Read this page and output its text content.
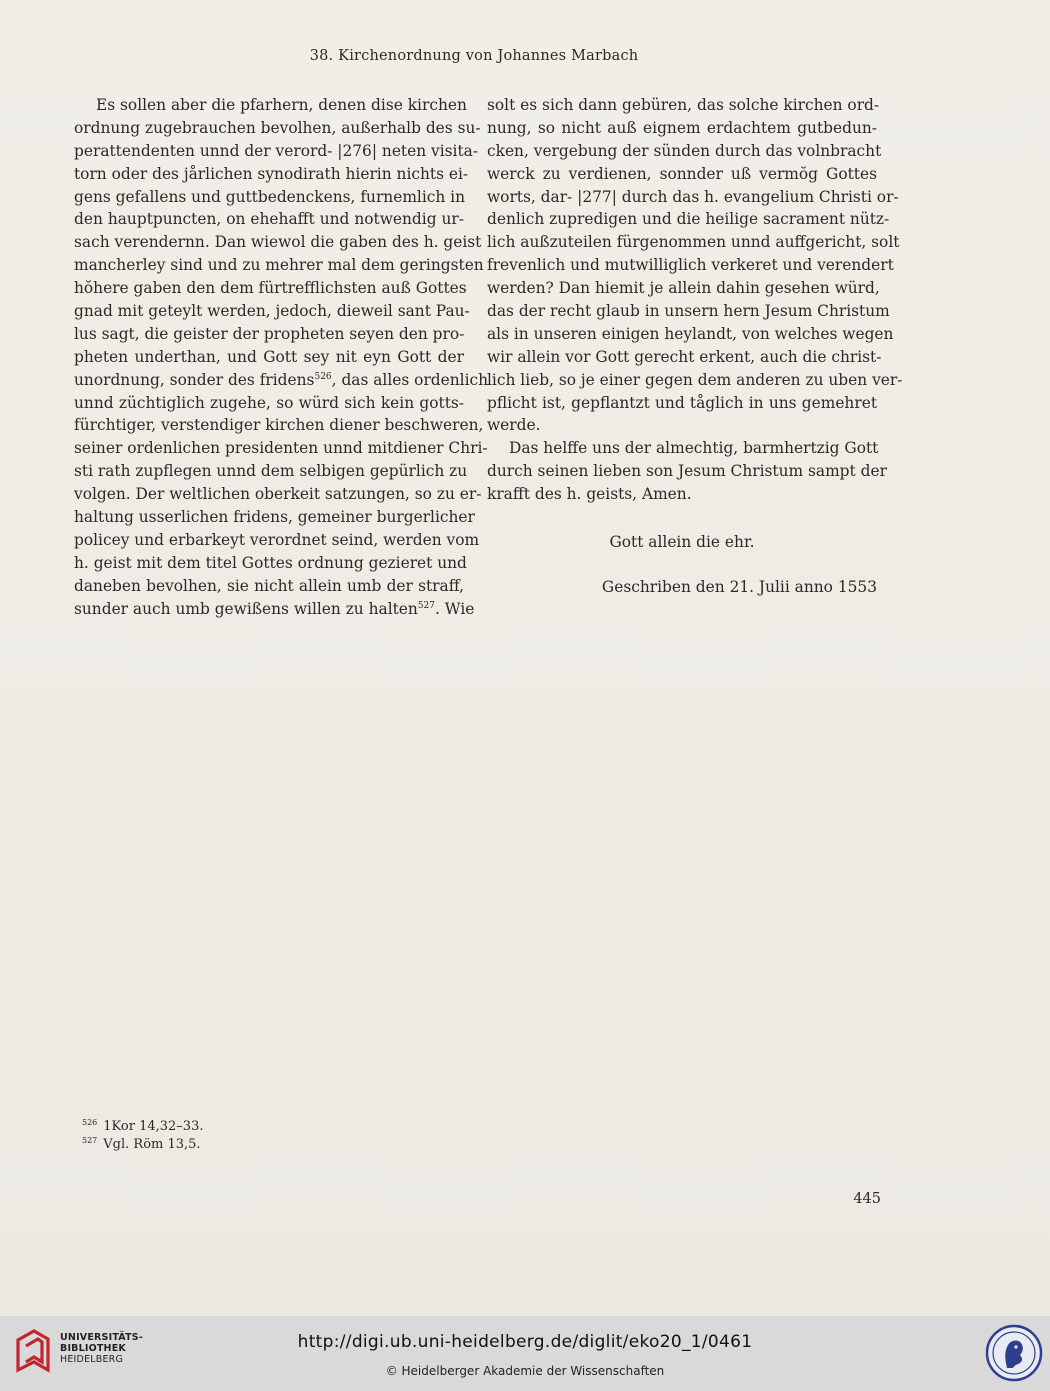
38. Kirchenordnung von Johannes Marbach
Es sollen aber die pfarhern, denen dise kirchen
ordnung zugebrauchen bevolhen, außerhalb des su-
perattendenten unnd der verord- |276| neten visita-
torn oder des jårlichen synodirath hierin nichts ei-
gens gefallens und guttbedenckens, furnemlich in
den hauptpuncten, on ehehafft und notwendig ur-
sach verendernn. Dan wiewol die gaben des h. geist
mancherley sind und zu mehrer mal dem geringsten
hŏhere gaben den dem fürtrefflichsten auß Gottes
gnad mit geteylt werden, jedoch, dieweil sant Pau-
lus sagt, die geister der propheten seyen den pro-
pheten underthan, und Gott sey nit eyn Gott der
unordnung, sonder des fridens$^{526}$, das alles ordenlich
unnd züchtiglich zugehe, so würd sich kein gotts-
fürchtiger, verstendiger kirchen diener beschweren,
seiner ordenlichen presidenten unnd mitdiener Chri-
sti rath zupflegen unnd dem selbigen gepürlich zu
volgen. Der weltlichen oberkeit satzungen, so zu er-
haltung usserlichen fridens, gemeiner burgerlicher
policey und erbarkeyt verordnet seind, werden vom
h. geist mit dem titel Gottes ordnung gezieret und
daneben bevolhen, sie nicht allein umb der straff,
sunder auch umb gewißens willen zu halten$^{527}$. Wie
solt es sich dann gebüren, das solche kirchen ord-
nung, so nicht auß eignem erdachtem gutbedun-
cken, vergebung der sünden durch das volnbracht
werck zu verdienen, sonnder uß vermŏg Gottes
worts, dar- |277| durch das h. evangelium Christi or-
denlich zupredigen und die heilige sacrament nütz-
lich außzuteilen fürgenommen unnd auffgericht, solt
frevenlich und mutwilliglich verkeret und verendert
werden? Dan hiemit je allein dahin gesehen würd,
das der recht glaub in unsern hern Jesum Christum
als in unseren einigen heylandt, von welches wegen
wir allein vor Gott gerecht erkent, auch die christ-
lich lieb, so je einer gegen dem anderen zu uben ver-
pflicht ist, gepflantzt und tåglich in uns gemehret
werde.
Das helffe uns der almechtig, barmhertzig Gott
durch seinen lieben son Jesum Christum sampt der
krafft des h. geists, Amen.
Gott allein die ehr.
Geschriben den 21. Julii anno 1553
$^{526}$ 1Kor 14,32–33.
$^{527}$ Vgl. Röm 13,5.
445
UNIVERSITÄTS-
BIBLIOTHEK
HEIDELBERG
http://digi.ub.uni-heidelberg.de/diglit/eko20_1/0461
© Heidelberger Akademie der Wissenschaften
